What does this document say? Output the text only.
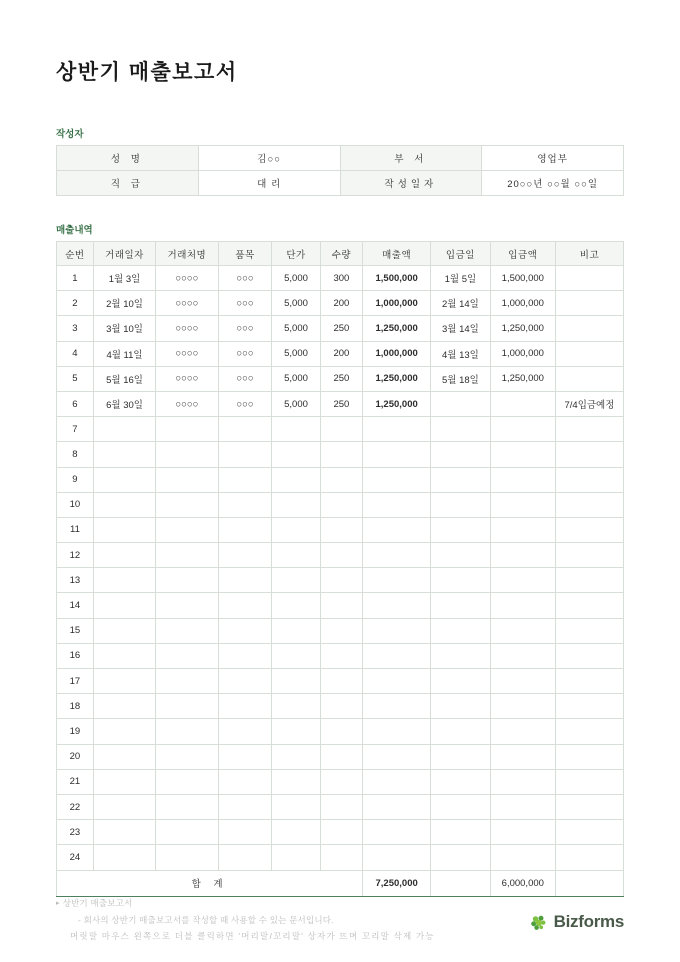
상반기 매출보고서
작성자
성 명	김○○	부 서	영업부
직 급	대 리	작성일자	20○○년 ○○월 ○○일
매출내역
순번	거래일자	거래처명	품목	단가	수량	매출액	입금일	입금액	비고
1	1월 3일	○○○○	○○○	5,000	300	1,500,000	1월 5일	1,500,000	
2	2월 10일	○○○○	○○○	5,000	200	1,000,000	2월 14일	1,000,000	
3	3월 10일	○○○○	○○○	5,000	250	1,250,000	3월 14일	1,250,000	
4	4월 11일	○○○○	○○○	5,000	200	1,000,000	4월 13일	1,000,000	
5	5월 16일	○○○○	○○○	5,000	250	1,250,000	5월 18일	1,250,000	
6	6월 30일	○○○○	○○○	5,000	250	1,250,000			7/4입금예정
7									
8									
9									
10									
11									
12									
13									
14									
15									
16									
17									
18									
19									
20									
21									
22									
23									
24									
합 계						7,250,000		6,000,000	
▸ 상반기 매출보고서
- 회사의 상반기 매출보고서를 작성할 때 사용할 수 있는 문서입니다.
머릿말 마우스 왼쪽으로 더블 클릭하면 '머리말/꼬리말' 상자가 뜨며 꼬리말 삭제 가능
Bizforms
